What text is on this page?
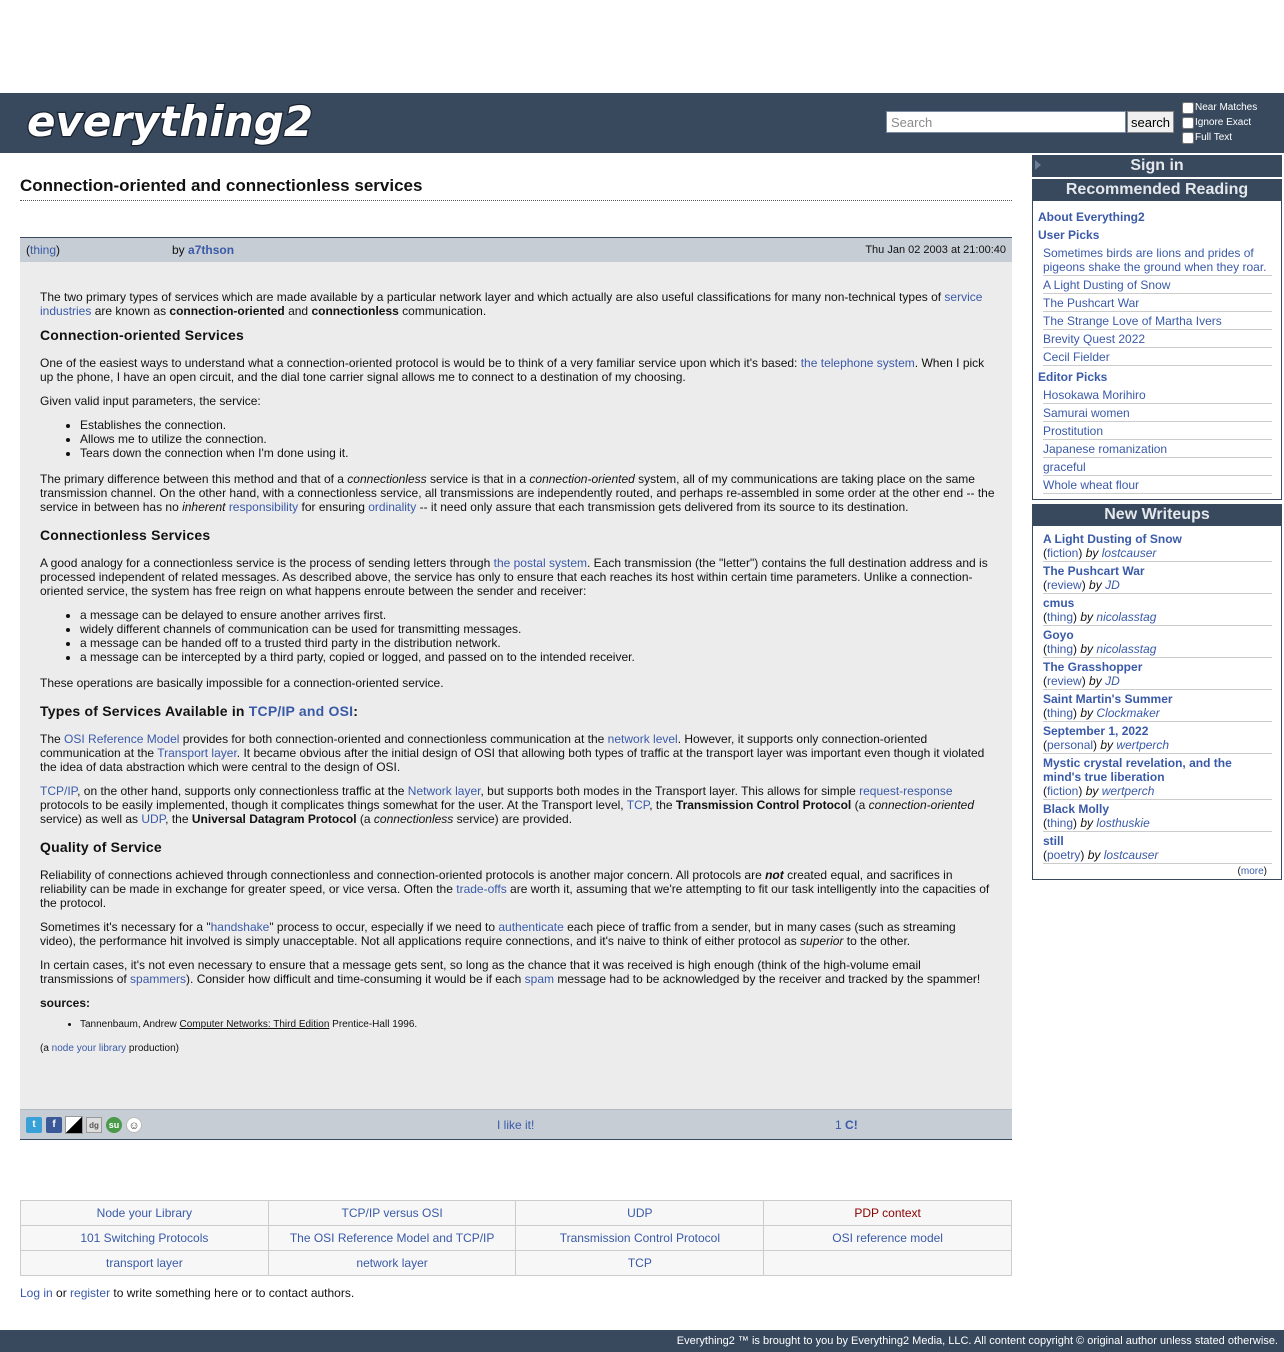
everything2
Search	search
Near Matches
Ignore Exact
Full Text
Connection-oriented and connectionless services
(thing)	by a7thson	Thu Jan 02 2003 at 21:00:40

The two primary types of services which are made available by a particular network layer and which actually are also useful classifications for many non-technical types of service industries are known as connection-oriented and connectionless communication.

Connection-oriented Services

One of the easiest ways to understand what a connection-oriented protocol is would be to think of a very familiar service upon which it's based: the telephone system. When I pick up the phone, I have an open circuit, and the dial tone carrier signal allows me to connect to a destination of my choosing.

Given valid input parameters, the service:

• Establishes the connection.
• Allows me to utilize the connection.
• Tears down the connection when I'm done using it.

The primary difference between this method and that of a connectionless service is that in a connection-oriented system, all of my communications are taking place on the same transmission channel. On the other hand, with a connectionless service, all transmissions are independently routed, and perhaps re-assembled in some order at the other end -- the service in between has no inherent responsibility for ensuring ordinality -- it need only assure that each transmission gets delivered from its source to its destination.

Connectionless Services

A good analogy for a connectionless service is the process of sending letters through the postal system. Each transmission (the "letter") contains the full destination address and is processed independent of related messages. As described above, the service has only to ensure that each reaches its host within certain time parameters. Unlike a connection-oriented service, the system has free reign on what happens enroute between the sender and receiver:

• a message can be delayed to ensure another arrives first.
• widely different channels of communication can be used for transmitting messages.
• a message can be handed off to a trusted third party in the distribution network.
• a message can be intercepted by a third party, copied or logged, and passed on to the intended receiver.

These operations are basically impossible for a connection-oriented service.

Types of Services Available in TCP/IP and OSI:

The OSI Reference Model provides for both connection-oriented and connectionless communication at the network level. However, it supports only connection-oriented communication at the Transport layer. It became obvious after the initial design of OSI that allowing both types of traffic at the transport layer was important even though it violated the idea of data abstraction which were central to the design of OSI.

TCP/IP, on the other hand, supports only connectionless traffic at the Network layer, but supports both modes in the Transport layer. This allows for simple request-response protocols to be easily implemented, though it complicates things somewhat for the user. At the Transport level, TCP, the Transmission Control Protocol (a connection-oriented service) as well as UDP, the Universal Datagram Protocol (a connectionless service) are provided.

Quality of Service

Reliability of connections achieved through connectionless and connection-oriented protocols is another major concern. All protocols are not created equal, and sacrifices in reliability can be made in exchange for greater speed, or vice versa. Often the trade-offs are worth it, assuming that we're attempting to fit our task intelligently into the capacities of the protocol.

Sometimes it's necessary for a "handshake" process to occur, especially if we need to authenticate each piece of traffic from a sender, but in many cases (such as streaming video), the performance hit involved is simply unacceptable. Not all applications require connections, and it's naive to think of either protocol as superior to the other.

In certain cases, it's not even necessary to ensure that a message gets sent, so long as the chance that it was received is high enough (think of the high-volume email transmissions of spammers). Consider how difficult and time-consuming it would be if each spam message had to be acknowledged by the receiver and tracked by the spammer!

sources:

• Tannenbaum, Andrew Computer Networks: Third Edition Prentice-Hall 1996.

(a node your library production)

t	f	dg	su ☺	I like it!	1 C!
Node your Library	TCP/IP versus OSI	UDP	PDP context
101 Switching Protocols	The OSI Reference Model and TCP/IP	Transmission Control Protocol	OSI reference model
transport layer	network layer	TCP	
Log in or register to write something here or to contact authors.
Sign in
Recommended Reading
About Everything2
User Picks
Sometimes birds are lions and prides of pigeons shake the ground when they roar.
A Light Dusting of Snow
The Pushcart War
The Strange Love of Martha Ivers
Brevity Quest 2022
Cecil Fielder
Editor Picks
Hosokawa Morihiro
Samurai women
Prostitution
Japanese romanization
graceful
Whole wheat flour
New Writeups
A Light Dusting of Snow
(fiction) by lostcauser
The Pushcart War
(review) by JD
cmus
(thing) by nicolasstag
Goyo
(thing) by nicolasstag
The Grasshopper
(review) by JD
Saint Martin's Summer
(thing) by Clockmaker
September 1, 2022
(personal) by wertperch
Mystic crystal revelation, and the mind's true liberation
(fiction) by wertperch
Black Molly
(thing) by losthuskie
still
(poetry) by lostcauser
(more)
Everything2 ™ is brought to you by Everything2 Media, LLC. All content copyright © original author unless stated otherwise.
